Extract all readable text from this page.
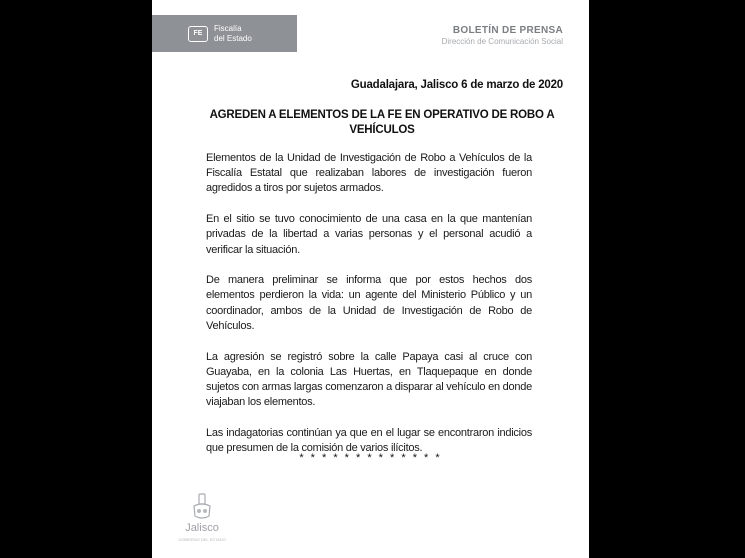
FE
Fiscalía
del Estado
BOLETÍN DE PRENSA
Dirección de Comunicación Social
Guadalajara, Jalisco 6 de marzo de 2020
AGREDEN A ELEMENTOS DE LA FE EN OPERATIVO DE ROBO A VEHÍCULOS

Elementos de la Unidad de Investigación de Robo a Vehículos de la Fiscalía Estatal que realizaban labores de investigación fueron agredidos a tiros por sujetos armados.

En el sitio se tuvo conocimiento de una casa en la que mantenían privadas de la libertad a varias personas y el personal acudió a verificar la situación.

De manera preliminar se informa que por estos hechos dos elementos perdieron la vida: un agente del Ministerio Público y un coordinador, ambos de la Unidad de Investigación de Robo de Vehículos.

La agresión se registró sobre la calle Papaya casi al cruce con Guayaba, en la colonia Las Huertas, en Tlaquepaque en donde sujetos con armas largas comenzaron a disparar al vehículo en donde viajaban los elementos.

Las indagatorias continúan ya que en el lugar se encontraron indicios que presumen de la comisión de varios ilícitos.

* * * * * * * * * * * * *
Jalisco
GOBIERNO DEL ESTADO
